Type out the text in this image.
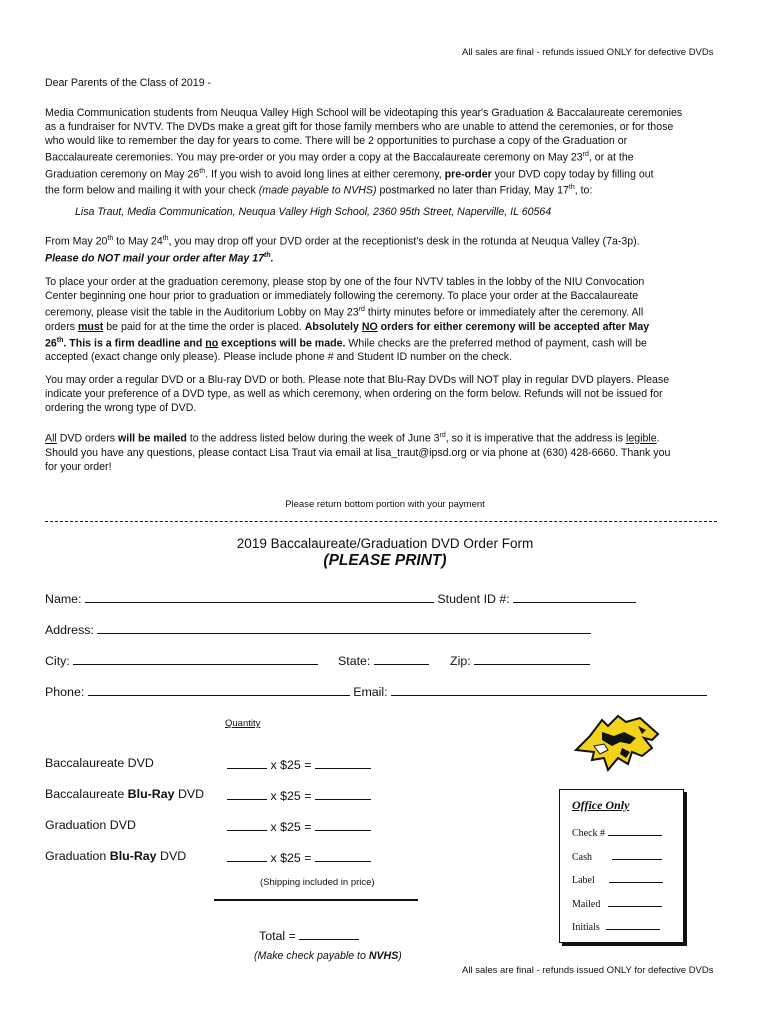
All sales are final - refunds issued ONLY for defective DVDs
Dear Parents of the Class of 2019 -
Media Communication students from Neuqua Valley High School will be videotaping this year's Graduation & Baccalaureate ceremonies
as a fundraiser for NVTV. The DVDs make a great gift for those family members who are unable to attend the ceremonies, or for those
who would like to remember the day for years to come. There will be 2 opportunities to purchase a copy of the Graduation or
Baccalaureate ceremonies. You may pre-order or you may order a copy at the Baccalaureate ceremony on May 23rd, or at the
Graduation ceremony on May 26th. If you wish to avoid long lines at either ceremony, pre-order your DVD copy today by filling out
the form below and mailing it with your check (made payable to NVHS) postmarked no later than Friday, May 17th, to:
Lisa Traut, Media Communication, Neuqua Valley High School, 2360 95th Street, Naperville, IL 60564
From May 20th to May 24th, you may drop off your DVD order at the receptionist’s desk in the rotunda at Neuqua Valley (7a-3p).
Please do NOT mail your order after May 17th.
To place your order at the graduation ceremony, please stop by one of the four NVTV tables in the lobby of the NIU Convocation
Center beginning one hour prior to graduation or immediately following the ceremony. To place your order at the Baccalaureate
ceremony, please visit the table in the Auditorium Lobby on May 23rd thirty minutes before or immediately after the ceremony. All
orders must be paid for at the time the order is placed. Absolutely NO orders for either ceremony will be accepted after May
26th. This is a firm deadline and no exceptions will be made. While checks are the preferred method of payment, cash will be
accepted (exact change only please). Please include phone # and Student ID number on the check.
You may order a regular DVD or a Blu-ray DVD or both. Please note that Blu-Ray DVDs will NOT play in regular DVD players. Please
indicate your preference of a DVD type, as well as which ceremony, when ordering on the form below. Refunds will not be issued for
ordering the wrong type of DVD.
All DVD orders will be mailed to the address listed below during the week of June 3rd, so it is imperative that the address is legible.
Should you have any questions, please contact Lisa Traut via email at lisa_traut@ipsd.org or via phone at (630) 428-6660. Thank you
for your order!
Please return bottom portion with your payment
2019 Baccalaureate/Graduation DVD Order Form
(PLEASE PRINT)
Name:	Student ID #:
Address:
City:	State:	Zip:
Phone:	Email:
Quantity
Baccalaureate DVD	x $25 =
Baccalaureate Blu-Ray DVD	x $25 =
Graduation DVD	x $25 =
Graduation Blu-Ray DVD	x $25 =
(Shipping included in price)
Total =
(Make check payable to NVHS)
Office Only
Check #
Cash
Label
Mailed
Initials
All sales are final - refunds issued ONLY for defective DVDs
